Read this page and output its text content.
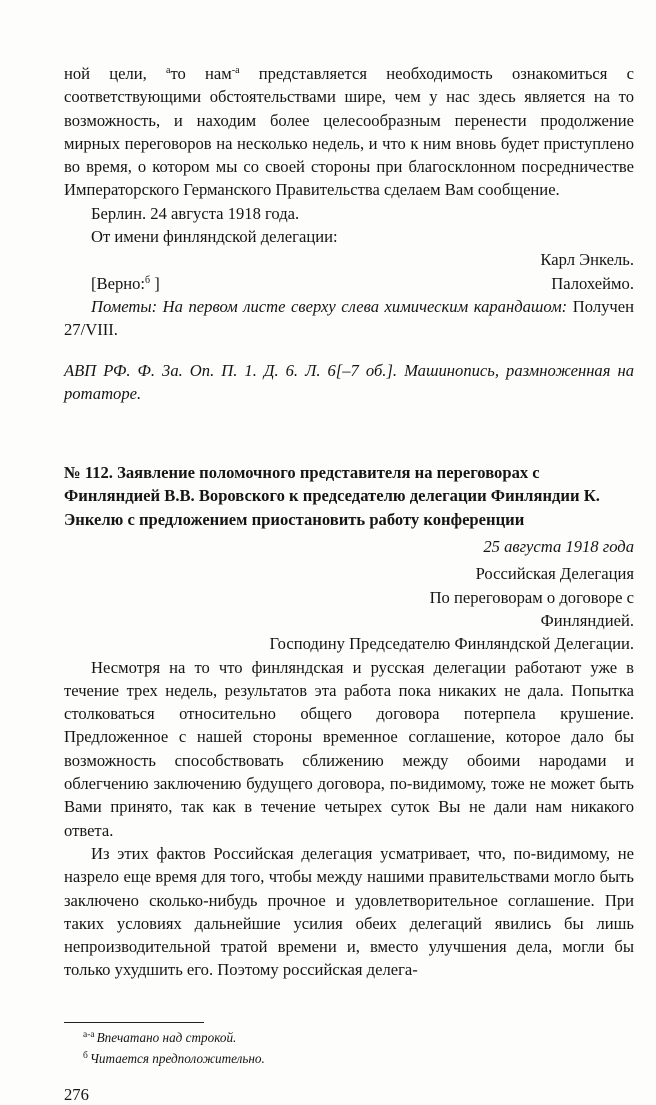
ной цели, $^а$то нам$^{-а}$ представляется необходимость ознакомиться с соответствующими обстоятельствами шире, чем у нас здесь является на то возможность, и находим более целесообразным перенести продолжение мирных переговоров на несколько недель, и что к ним вновь будет приступлено во время, о котором мы со своей стороны при благосклонном посредничестве Императорского Германского Правительства сделаем Вам сообщение.

Берлин. 24 августа 1918 года.

От имени финляндской делегации:

Карл Энкель.

[Верно:$^б$ ]	Палохеймо.

Пометы: На первом листе сверху слева химическим карандашом: Получен 27/VIII.

АВП РФ. Ф. 3а. Оп. П. 1. Д. 6. Л. 6[–7 об.]. Машинопись, размноженная на ротаторе.

№ 112. Заявление поломочного представителя на переговорах с Финляндией В.В. Воровского к председателю делегации Финляндии К. Энкелю с предложением приостановить работу конференции

25 августа 1918 года

Российская Делегация

По переговорам о договоре с

Финляндией.

Господину Председателю Финляндской Делегации.

Несмотря на то что финляндская и русская делегации работают уже в течение трех недель, результатов эта работа пока никаких не дала. Попытка столковаться относительно общего договора потерпела крушение. Предложенное с нашей стороны временное соглашение, которое дало бы возможность способствовать сближению между обоими народами и облегчению заключению будущего договора, по-видимому, тоже не может быть Вами принято, так как в течение четырех суток Вы не дали нам никакого ответа.

Из этих фактов Российская делегация усматривает, что, по-видимому, не назрело еще время для того, чтобы между нашими правительствами могло быть заключено сколько-нибудь прочное и удовлетворительное соглашение. При таких условиях дальнейшие усилия обеих делегаций явились бы лишь непроизводительной тратой времени и, вместо улучшения дела, могли бы только ухудшить его. Поэтому российская делега-

$^{а-а}$ Впечатано над строкой.

$^б$ Читается предположительно.

276
